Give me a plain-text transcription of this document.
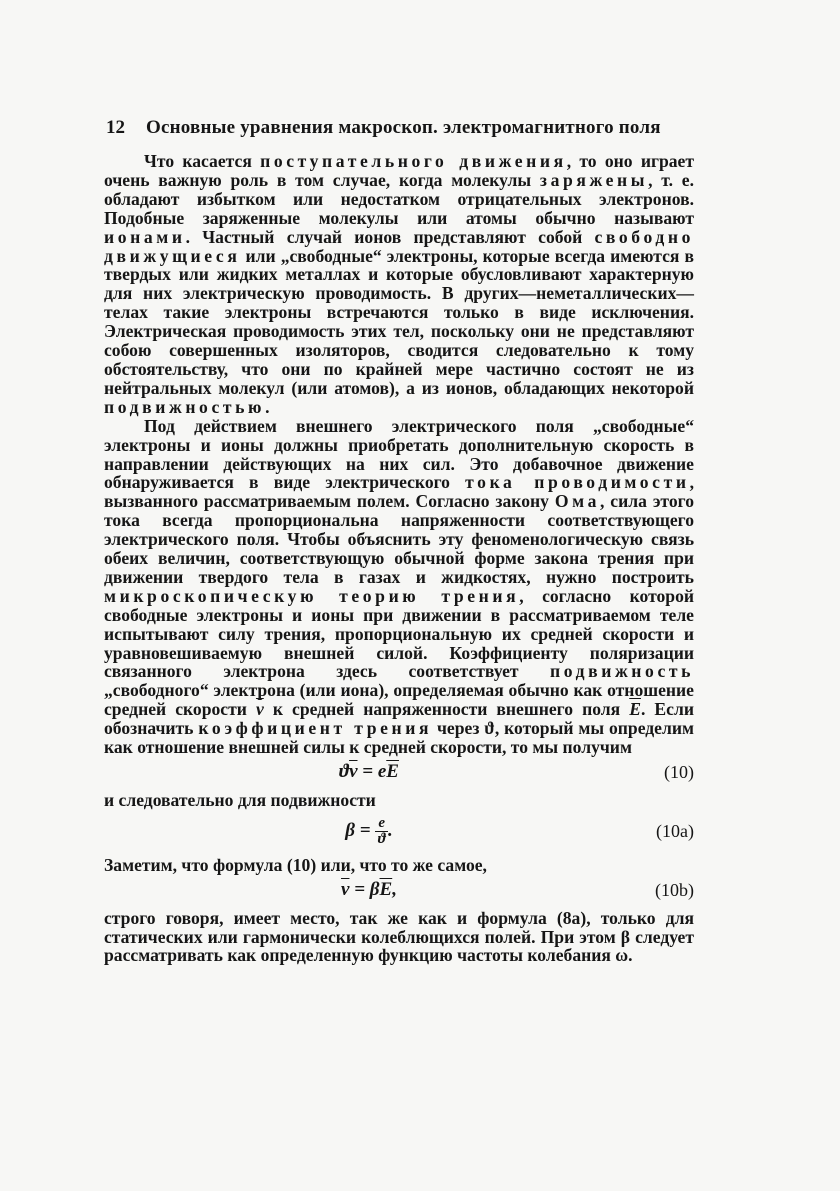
12 Основные уравнения макроскоп. электромагнитного поля

Что касается поступательного движения, то оно играет очень важную роль в том случае, когда молекулы заряжены, т. е. обладают избытком или недостатком отрицательных электронов. Подобные заряженные молекулы или атомы обычно называют ионами. Частный случай ионов представляют собой свободно движущиеся или „свободные“ электроны, которые всегда имеются в твердых или жидких металлах и которые обусловливают характерную для них электрическую проводимость. В других—неметаллических—телах такие электроны встречаются только в виде исключения. Электрическая проводимость этих тел, поскольку они не представляют собою совершенных изоляторов, сводится следовательно к тому обстоятельству, что они по крайней мере частично состоят не из нейтральных молекул (или атомов), а из ионов, обладающих некоторой подвижностью.

Под действием внешнего электрического поля „свободные“ электроны и ионы должны приобретать дополнительную скорость в направлении действующих на них сил. Это добавочное движение обнаруживается в виде электрического тока проводимости, вызванного рассматриваемым полем. Согласно закону Ома, сила этого тока всегда пропорциональна напряженности соответствующего электрического поля. Чтобы объяснить эту феноменологическую связь обеих величин, соответствующую обычной форме закона трения при движении твердого тела в газах и жидкостях, нужно построить микроскопическую теорию трения, согласно которой свободные электроны и ионы при движении в рассматриваемом теле испытывают силу трения, пропорциональную их средней скорости и уравновешиваемую внешней силой. Коэффициенту поляризации связанного электрона здесь соответствует подвижность „свободного“ электрона (или иона), определяемая обычно как отношение средней скорости $\overline{v}$ к средней напряженности внешнего поля $\overline{E}$. Если обозначить коэффициент трения через ϑ, который мы определим как отношение внешней силы к средней скорости, то мы получим

$ϑ\overline{v} = e\overline{E}$	(10)

и следовательно для подвижности

$\beta = \frac{e}{ϑ}$ .	(10a)

Заметим, что формула (10) или, что то же самое,

$\overline{v} = \beta\overline{E}$,	(10b)

строго говоря, имеет место, так же как и формула (8а), только для статических или гармонически колеблющихся полей. При этом β следует рассматривать как определенную функцию частоты колебания ω.
